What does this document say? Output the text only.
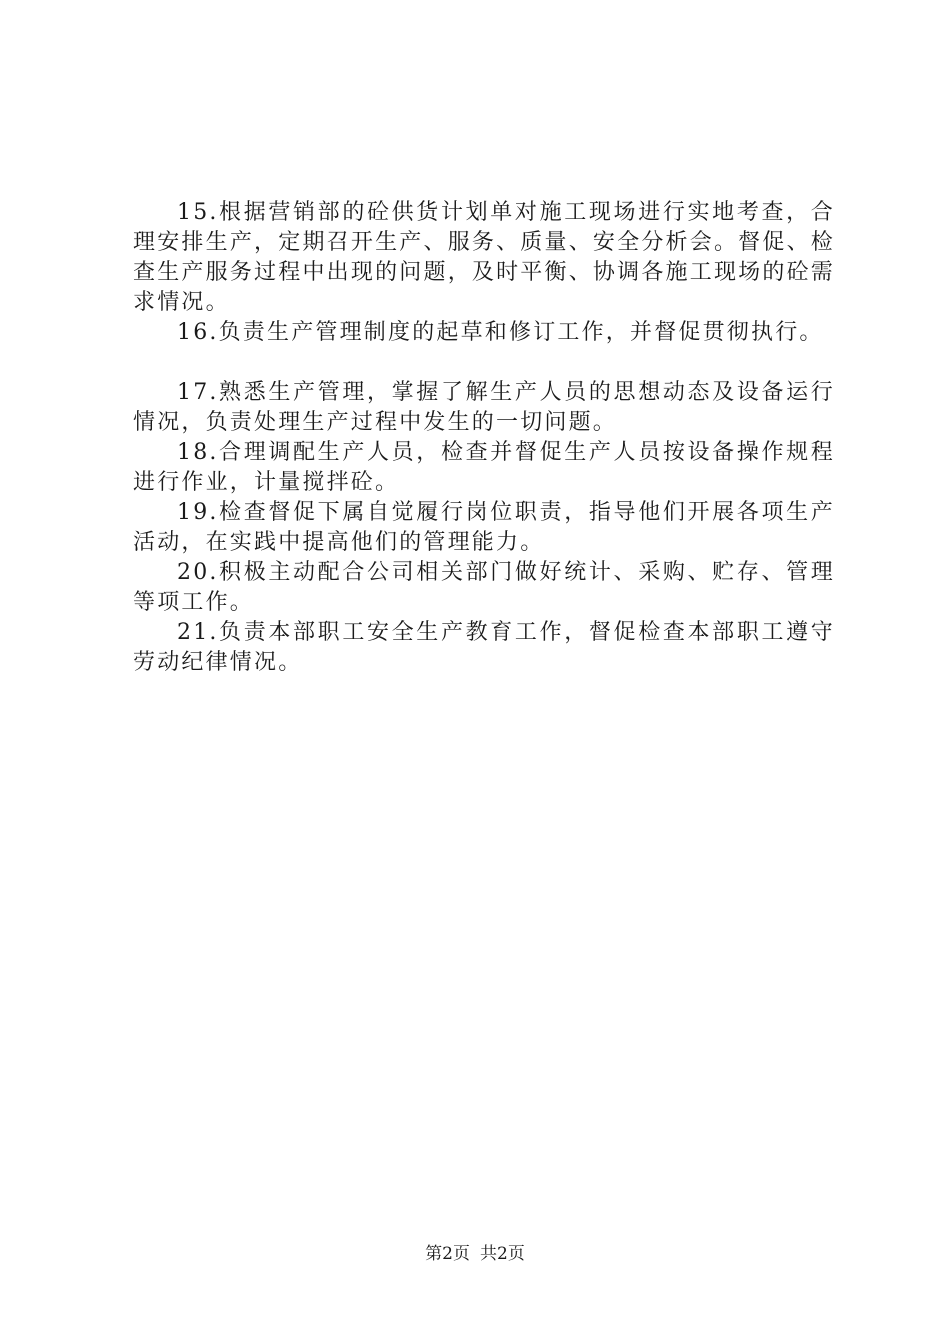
15.根据营销部的砼供货计划单对施工现场进行实地考查，合理安排生产，定期召开生产、服务、质量、安全分析会。督促、检查生产服务过程中出现的问题，及时平衡、协调各施工现场的砼需求情况。

16.负责生产管理制度的起草和修订工作，并督促贯彻执行。

17.熟悉生产管理，掌握了解生产人员的思想动态及设备运行情况，负责处理生产过程中发生的一切问题。

18.合理调配生产人员，检查并督促生产人员按设备操作规程进行作业，计量搅拌砼。

19.检查督促下属自觉履行岗位职责，指导他们开展各项生产活动，在实践中提高他们的管理能力。

20.积极主动配合公司相关部门做好统计、采购、贮存、管理等项工作。

21.负责本部职工安全生产教育工作，督促检查本部职工遵守劳动纪律情况。

第2页 共2页
